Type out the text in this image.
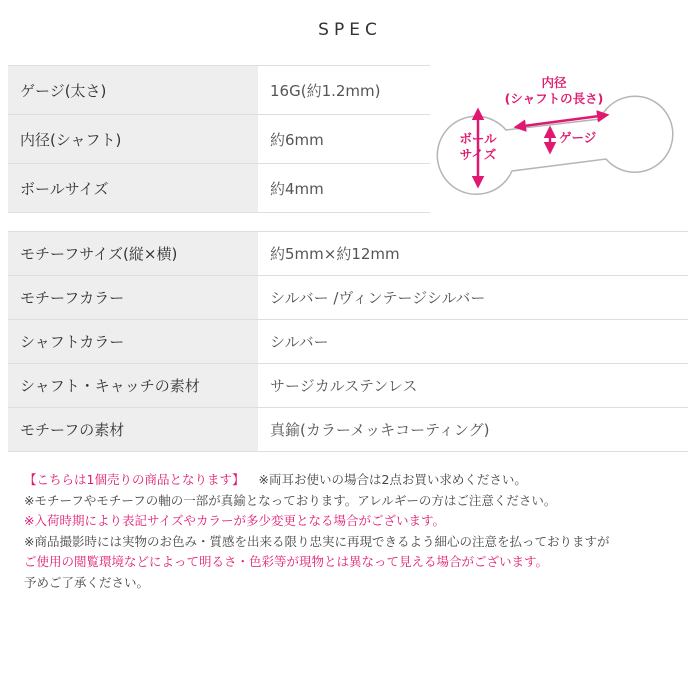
SPEC
ゲージ(太さ)	16G(約1.2mm)
内径(シャフト)	約6mm
ボールサイズ	約4mm
内径
(シャフトの長さ)
ボール
サイズ
ゲージ
モチーフサイズ(縦×横)	約5mm×約12mm
モチーフカラー	シルバー /ヴィンテージシルバー
シャフトカラー	シルバー
シャフト・キャッチの素材	サージカルステンレス
モチーフの素材	真鍮(カラーメッキコーティング)
【こちらは1個売りの商品となります】 ※両耳お使いの場合は2点お買い求めください。
※モチーフやモチーフの軸の一部が真鍮となっております。アレルギーの方はご注意ください。
※入荷時期により表記サイズやカラーが多少変更となる場合がございます。
※商品撮影時には実物のお色み・質感を出来る限り忠実に再現できるよう細心の注意を払っておりますが
ご使用の閲覧環境などによって明るさ・色彩等が現物とは異なって見える場合がございます。
予めご了承ください。
